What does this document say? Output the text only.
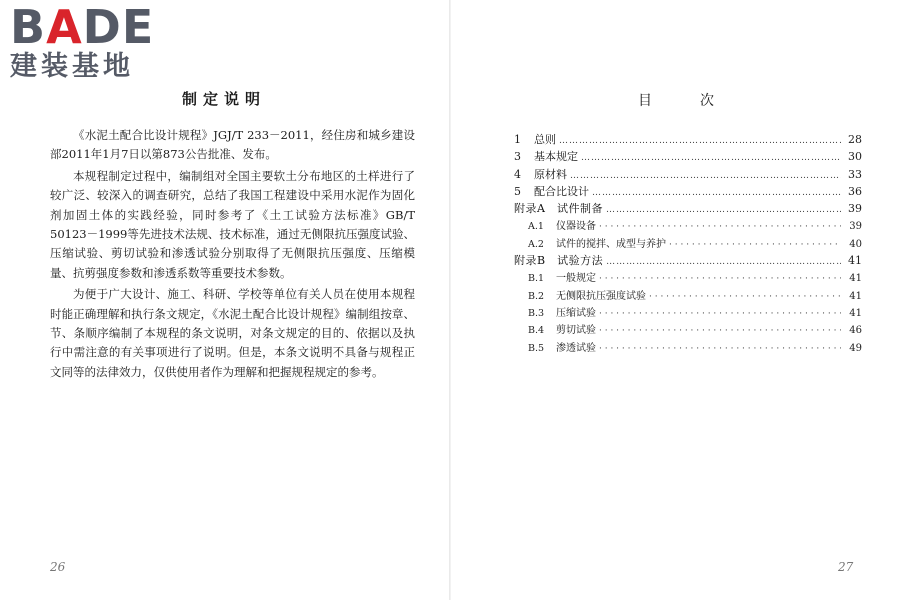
BADE
建装基地
制定说明

《水泥土配合比设计规程》JGJ/T 233－2011，经住房和城乡建设部2011年1月7日以第873公告批准、发布。

本规程制定过程中，编制组对全国主要软土分布地区的土样进行了较广泛、较深入的调查研究，总结了我国工程建设中采用水泥作为固化剂加固土体的实践经验，同时参考了《土工试验方法标准》GB/T 50123－1999等先进技术法规、技术标准，通过无侧限抗压强度试验、压缩试验、剪切试验和渗透试验分别取得了无侧限抗压强度、压缩模量、抗剪强度参数和渗透系数等重要技术参数。

为便于广大设计、施工、科研、学校等单位有关人员在使用本规程时能正确理解和执行条文规定，《水泥土配合比设计规程》编制组按章、节、条顺序编制了本规程的条文说明，对条文规定的目的、依据以及执行中需注意的有关事项进行了说明。但是，本条文说明不具备与规程正文同等的法律效力，仅供使用者作为理解和把握规程规定的参考。

26
目次
1	总则 …………………………………………………………………………………………………………………………………………	28
3	基本规定 …………………………………………………………………………………………………………………………………………	30
4	原材料 …………………………………………………………………………………………………………………………………………	33
5	配合比设计 …………………………………………………………………………………………………………………………………………	36
附录A　试件制备 …………………………………………………………………………………………………………………………………………	39
A.1	仪器设备 · · ·	39
A.2	试件的搅拌、成型与养护 · · ·	40
附录B　试验方法 …………………………………………………………………………………………………………………………………………	41
B.1	一般规定 · · ·	41
B.2	无侧限抗压强度试验 · · ·	41
B.3	压缩试验 · · ·	41
B.4	剪切试验 · · ·	46
B.5	渗透试验 · · ·	49
27
